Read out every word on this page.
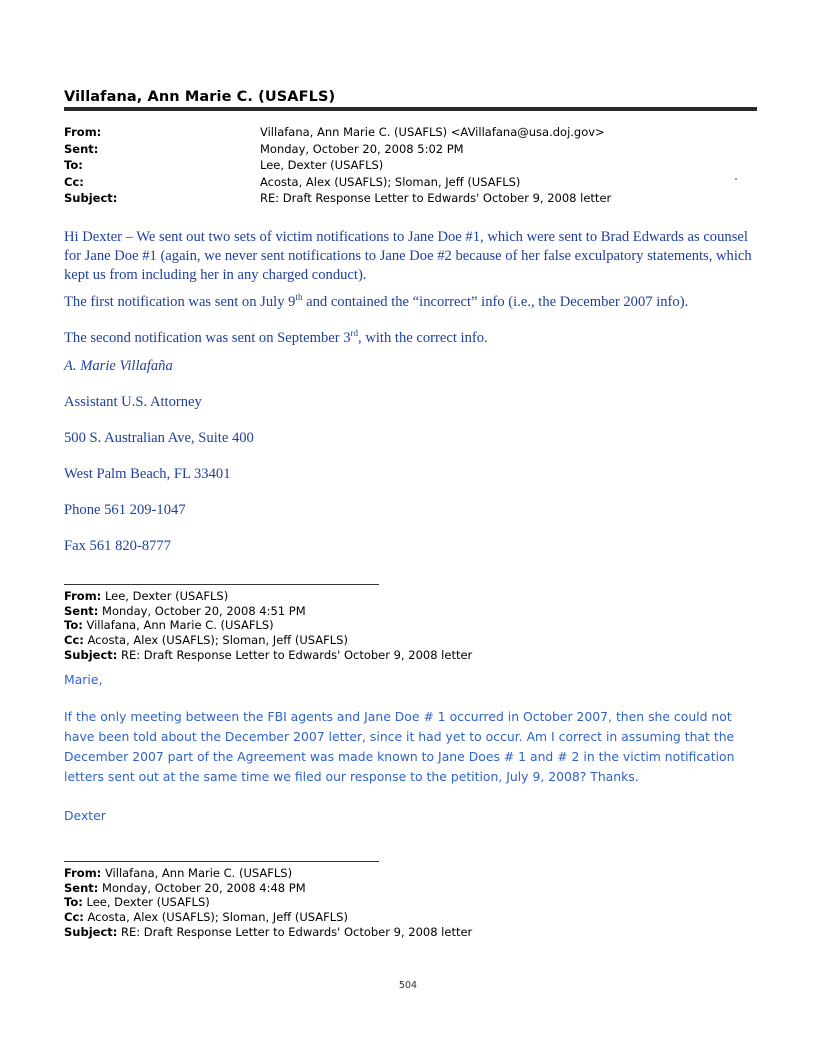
Villafana, Ann Marie C. (USAFLS)
From:	Villafana, Ann Marie C. (USAFLS) <AVillafana@usa.doj.gov>
Sent:	Monday, October 20, 2008 5:02 PM
To:	Lee, Dexter (USAFLS)
Cc:	Acosta, Alex (USAFLS); Sloman, Jeff (USAFLS)
Subject:	RE: Draft Response Letter to Edwards' October 9, 2008 letter

Hi Dexter – We sent out two sets of victim notifications to Jane Doe #1, which were sent to Brad Edwards as counsel for Jane Doe #1 (again, we never sent notifications to Jane Doe #2 because of her false exculpatory statements, which kept us from including her in any charged conduct).

The first notification was sent on July 9th and contained the “incorrect” info (i.e., the December 2007 info).

The second notification was sent on September 3rd, with the correct info.

A. Marie Villafaña

Assistant U.S. Attorney

500 S. Australian Ave, Suite 400

West Palm Beach, FL 33401

Phone 561 209-1047

Fax 561 820-8777

From: Lee, Dexter (USAFLS)
Sent: Monday, October 20, 2008 4:51 PM
To: Villafana, Ann Marie C. (USAFLS)
Cc: Acosta, Alex (USAFLS); Sloman, Jeff (USAFLS)
Subject: RE: Draft Response Letter to Edwards' October 9, 2008 letter

Marie,

If the only meeting between the FBI agents and Jane Doe # 1 occurred in October 2007, then she could not have been told about the December 2007 letter, since it had yet to occur. Am I correct in assuming that the December 2007 part of the Agreement was made known to Jane Does # 1 and # 2 in the victim notification letters sent out at the same time we filed our response to the petition, July 9, 2008? Thanks.

Dexter

From: Villafana, Ann Marie C. (USAFLS)
Sent: Monday, October 20, 2008 4:48 PM
To: Lee, Dexter (USAFLS)
Cc: Acosta, Alex (USAFLS); Sloman, Jeff (USAFLS)
Subject: RE: Draft Response Letter to Edwards' October 9, 2008 letter
504
